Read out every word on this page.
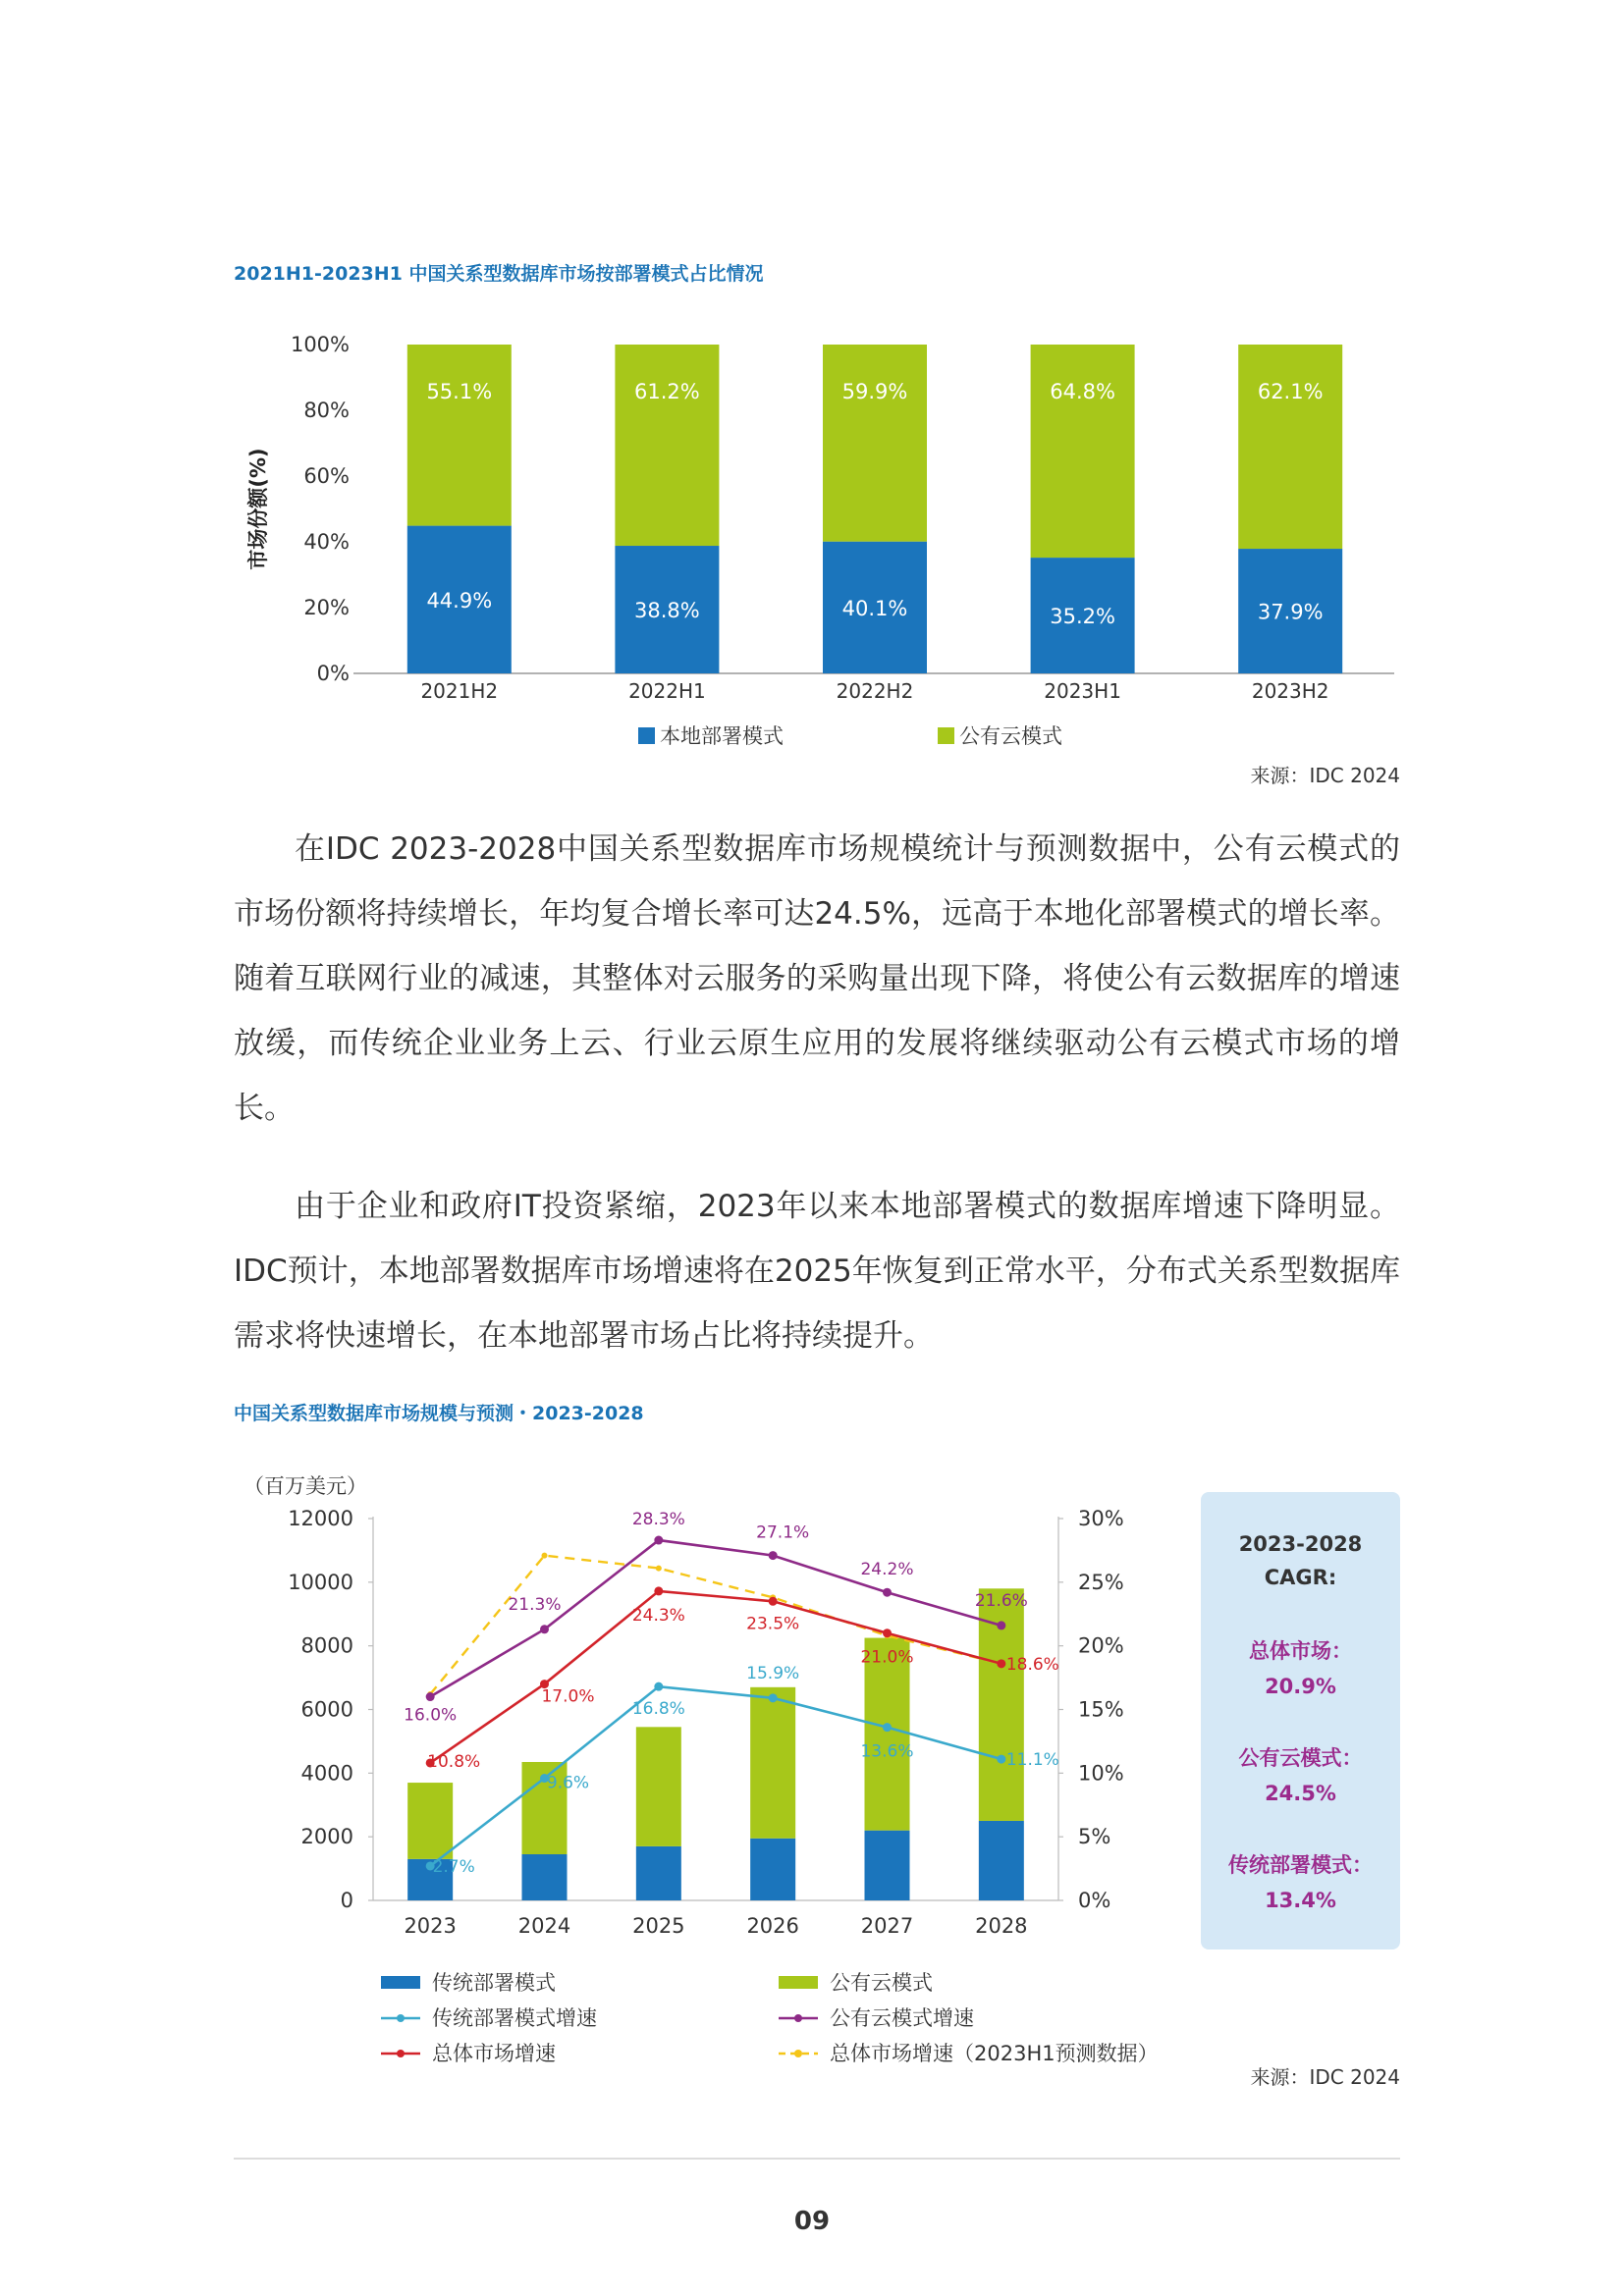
2021H1-2023H1 中国关系型数据库市场按部署模式占比情况
0%
20%
40%
60%
80%
100%
市场份额(%)
44.9%
55.1%
2021H2
38.8%
61.2%
2022H1
40.1%
59.9%
2022H2
35.2%
64.8%
2023H1
37.9%
62.1%
2023H2
本地部署模式	公有云模式
来源：IDC 2024

在IDC 2023-2028中国关系型数据库市场规模统计与预测数据中，公有云模式的市场份额将持续增长，年均复合增长率可达24.5%，远高于本地化部署模式的增长率。随着互联网行业的减速，其整体对云服务的采购量出现下降，将使公有云数据库的增速放缓，而传统企业业务上云、行业云原生应用的发展将继续驱动公有云模式市场的增长。

由于企业和政府IT投资紧缩，2023年以来本地部署模式的数据库增速下降明显。IDC预计，本地部署数据库市场增速将在2025年恢复到正常水平，分布式关系型数据库需求将快速增长，在本地部署市场占比将持续提升。

中国关系型数据库市场规模与预测・2023-2028
（百万美元）
0
2000
4000
6000
8000
10000
12000
0%
5%
10%
15%
20%
25%
30%
2023	2024	2025	2026	2027	2028
10.8%
17.0%
24.3%	23.5%
21.0%	18.6%
16.0%
21.3%
28.3%
27.1%
24.2%
21.6%
2.7%
9.6%
16.8%
15.9%
13.6%	11.1%
传统部署模式	公有云模式
传统部署模式增速	公有云模式增速
总体市场增速	总体市场增速（2023H1预测数据）
2023-2028
CAGR:
总体市场：
20.9%
公有云模式：
24.5%
传统部署模式：
13.4%
来源：IDC 2024
09
